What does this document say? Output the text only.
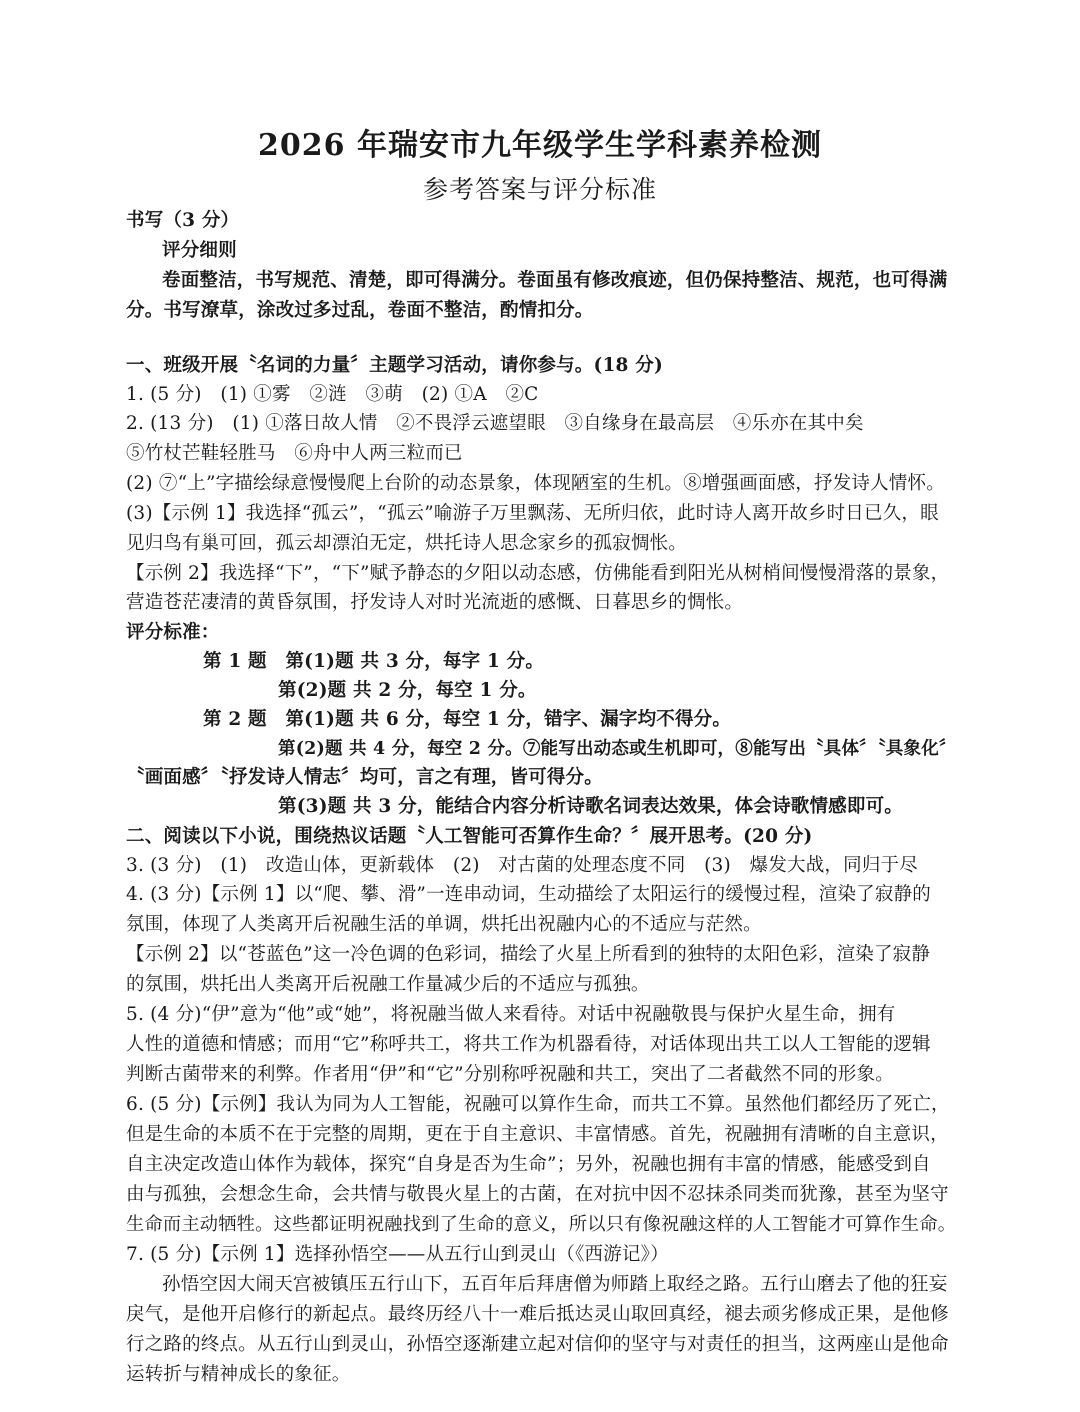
2026 年瑞安市九年级学生学科素养检测
参考答案与评分标准

书写（3 分）

评分细则

卷面整洁，书写规范、清楚，即可得满分。卷面虽有修改痕迹，但仍保持整洁、规范，也可得满

分。书写潦草，涂改过多过乱，卷面不整洁，酌情扣分。

一、班级开展〝名词的力量〞主题学习活动，请你参与。(18 分)

1. (5 分)　(1) ①雾　②涟　③萌　(2) ①A　②C

2. (13 分)　(1) ①落日故人情　②不畏浮云遮望眼　③自缘身在最高层　④乐亦在其中矣

⑤竹杖芒鞋轻胜马　⑥舟中人两三粒而已

(2) ⑦“上”字描绘绿意慢慢爬上台阶的动态景象，体现陋室的生机。⑧增强画面感，抒发诗人情怀。

(3)【示例 1】我选择“孤云”，“孤云”喻游子万里飘荡、无所归依，此时诗人离开故乡时日已久，眼

见归鸟有巢可回，孤云却漂泊无定，烘托诗人思念家乡的孤寂惆怅。

【示例 2】我选择“下”，“下”赋予静态的夕阳以动态感，仿佛能看到阳光从树梢间慢慢滑落的景象，

营造苍茫凄清的黄昏氛围，抒发诗人对时光流逝的感慨、日暮思乡的惆怅。

评分标准：

第 1 题　第(1)题 共 3 分，每字 1 分。

第(2)题 共 2 分，每空 1 分。

第 2 题　第(1)题 共 6 分，每空 1 分，错字、漏字均不得分。

第(2)题 共 4 分，每空 2 分。⑦能写出动态或生机即可，⑧能写出〝具体〞〝具象化〞

〝画面感〞〝抒发诗人情志〞均可，言之有理，皆可得分。

第(3)题 共 3 分，能结合内容分析诗歌名词表达效果，体会诗歌情感即可。

二、阅读以下小说，围绕热议话题〝人工智能可否算作生命？〞展开思考。(20 分)

3. (3 分)　(1)　改造山体，更新载体　(2)　对古菌的处理态度不同　(3)　爆发大战，同归于尽

4. (3 分)【示例 1】以“爬、攀、滑”一连串动词，生动描绘了太阳运行的缓慢过程，渲染了寂静的

氛围，体现了人类离开后祝融生活的单调，烘托出祝融内心的不适应与茫然。

【示例 2】以“苍蓝色”这一冷色调的色彩词，描绘了火星上所看到的独特的太阳色彩，渲染了寂静

的氛围，烘托出人类离开后祝融工作量减少后的不适应与孤独。

5. (4 分)“伊”意为“他”或“她”，将祝融当做人来看待。对话中祝融敬畏与保护火星生命，拥有

人性的道德和情感；而用“它”称呼共工，将共工作为机器看待，对话体现出共工以人工智能的逻辑

判断古菌带来的利弊。作者用“伊”和“它”分别称呼祝融和共工，突出了二者截然不同的形象。

6. (5 分)【示例】我认为同为人工智能，祝融可以算作生命，而共工不算。虽然他们都经历了死亡，

但是生命的本质不在于完整的周期，更在于自主意识、丰富情感。首先，祝融拥有清晰的自主意识，

自主决定改造山体作为载体，探究“自身是否为生命”；另外，祝融也拥有丰富的情感，能感受到自

由与孤独，会想念生命，会共情与敬畏火星上的古菌，在对抗中因不忍抹杀同类而犹豫，甚至为坚守

生命而主动牺牲。这些都证明祝融找到了生命的意义，所以只有像祝融这样的人工智能才可算作生命。

7. (5 分)【示例 1】选择孙悟空——从五行山到灵山（《西游记》）

孙悟空因大闹天宫被镇压五行山下，五百年后拜唐僧为师踏上取经之路。五行山磨去了他的狂妄

戾气，是他开启修行的新起点。最终历经八十一难后抵达灵山取回真经，褪去顽劣修成正果，是他修

行之路的终点。从五行山到灵山，孙悟空逐渐建立起对信仰的坚守与对责任的担当，这两座山是他命

运转折与精神成长的象征。
